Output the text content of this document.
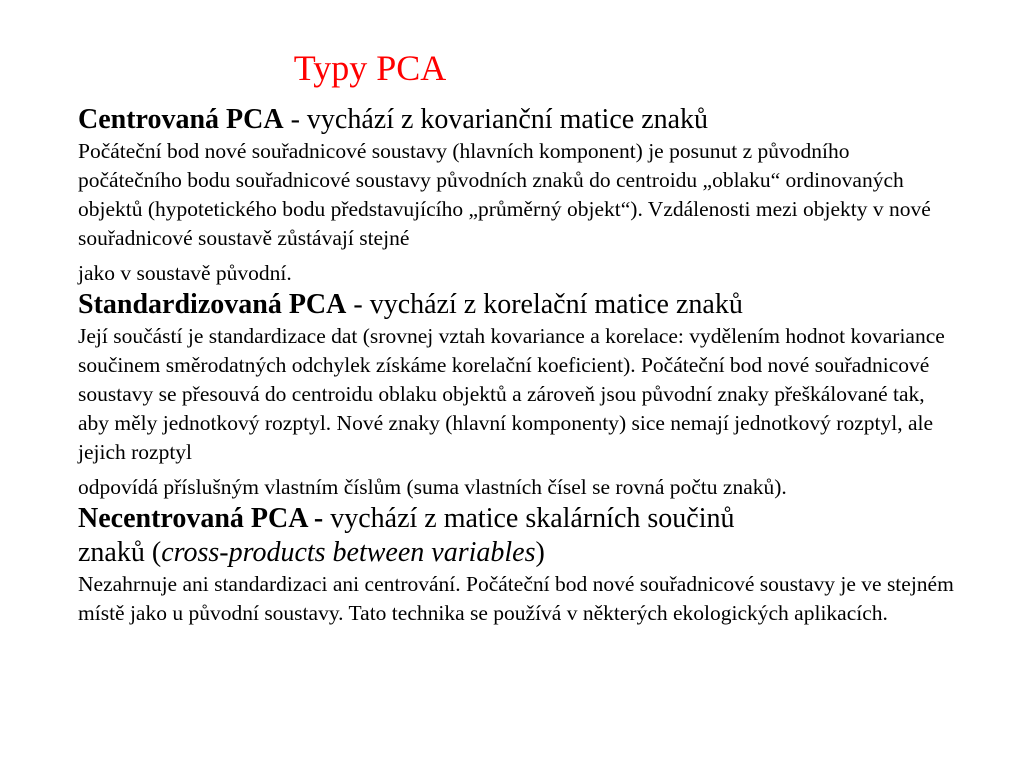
Typy PCA

Centrovaná PCA - vychází z kovarianční matice znaků

Počáteční bod nové souřadnicové soustavy (hlavních komponent) je posunut z původního počátečního bodu souřadnicové soustavy původních znaků do centroidu „oblaku“ ordinovaných objektů (hypotetického bodu představujícího „průměrný objekt“). Vzdálenosti mezi objekty v nové souřadnicové soustavě zůstávají stejné
jako v soustavě původní.

Standardizovaná PCA - vychází z korelační matice znaků

Její součástí je standardizace dat (srovnej vztah kovariance a korelace: vydělením hodnot kovariance součinem směrodatných odchylek získáme korelační koeficient). Počáteční bod nové souřadnicové soustavy se přesouvá do centroidu oblaku objektů a zároveň jsou původní znaky přeškálované tak, aby měly jednotkový rozptyl. Nové znaky (hlavní komponenty) sice nemají jednotkový rozptyl, ale jejich rozptyl
odpovídá příslušným vlastním číslům (suma vlastních čísel se rovná počtu znaků).

Necentrovaná PCA - vychází z matice skalárních součinů

znaků (cross-products between variables)

Nezahrnuje ani standardizaci ani centrování. Počáteční bod nové souřadnicové soustavy je ve stejném místě jako u původní soustavy. Tato technika se používá v některých ekologických aplikacích.
